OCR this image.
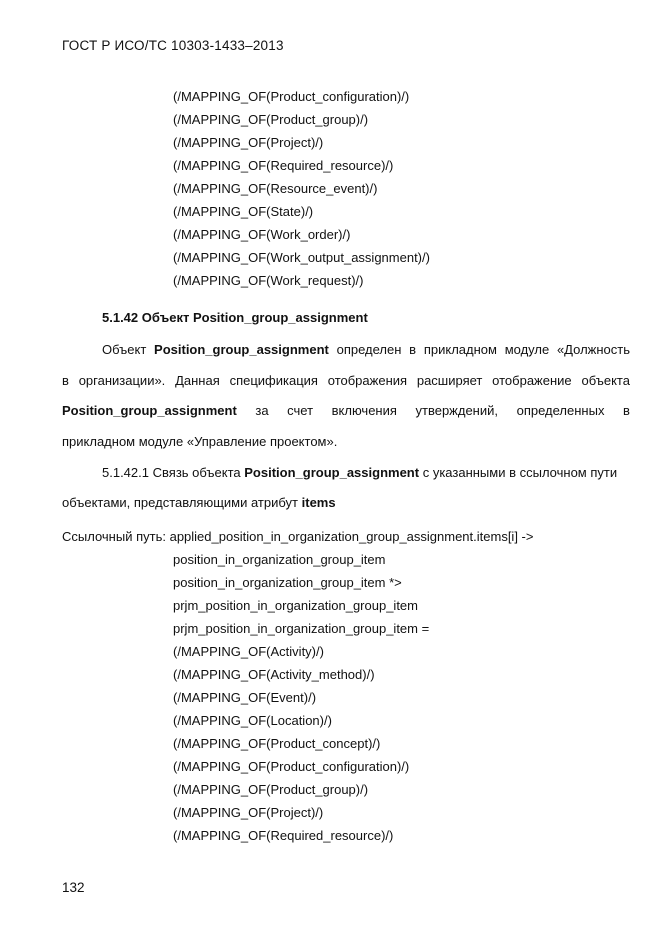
ГОСТ Р ИСО/ТС 10303-1433–2013
(/MAPPING_OF(Product_configuration)/)
(/MAPPING_OF(Product_group)/)
(/MAPPING_OF(Project)/)
(/MAPPING_OF(Required_resource)/)
(/MAPPING_OF(Resource_event)/)
(/MAPPING_OF(State)/)
(/MAPPING_OF(Work_order)/)
(/MAPPING_OF(Work_output_assignment)/)
(/MAPPING_OF(Work_request)/)
5.1.42 Объект Position_group_assignment
Объект Position_group_assignment определен в прикладном модуле «Должность
в организации». Данная спецификация отображения расширяет отображение объекта
Position_group_assignment за счет включения утверждений, определенных в
прикладном модуле «Управление проектом».
5.1.42.1 Связь объекта Position_group_assignment с указанными в ссылочном пути
объектами, представляющими атрибут items
Ссылочный путь: applied_position_in_organization_group_assignment.items[i] ->
position_in_organization_group_item
position_in_organization_group_item *>
prjm_position_in_organization_group_item
prjm_position_in_organization_group_item =
(/MAPPING_OF(Activity)/)
(/MAPPING_OF(Activity_method)/)
(/MAPPING_OF(Event)/)
(/MAPPING_OF(Location)/)
(/MAPPING_OF(Product_concept)/)
(/MAPPING_OF(Product_configuration)/)
(/MAPPING_OF(Product_group)/)
(/MAPPING_OF(Project)/)
(/MAPPING_OF(Required_resource)/)
132
